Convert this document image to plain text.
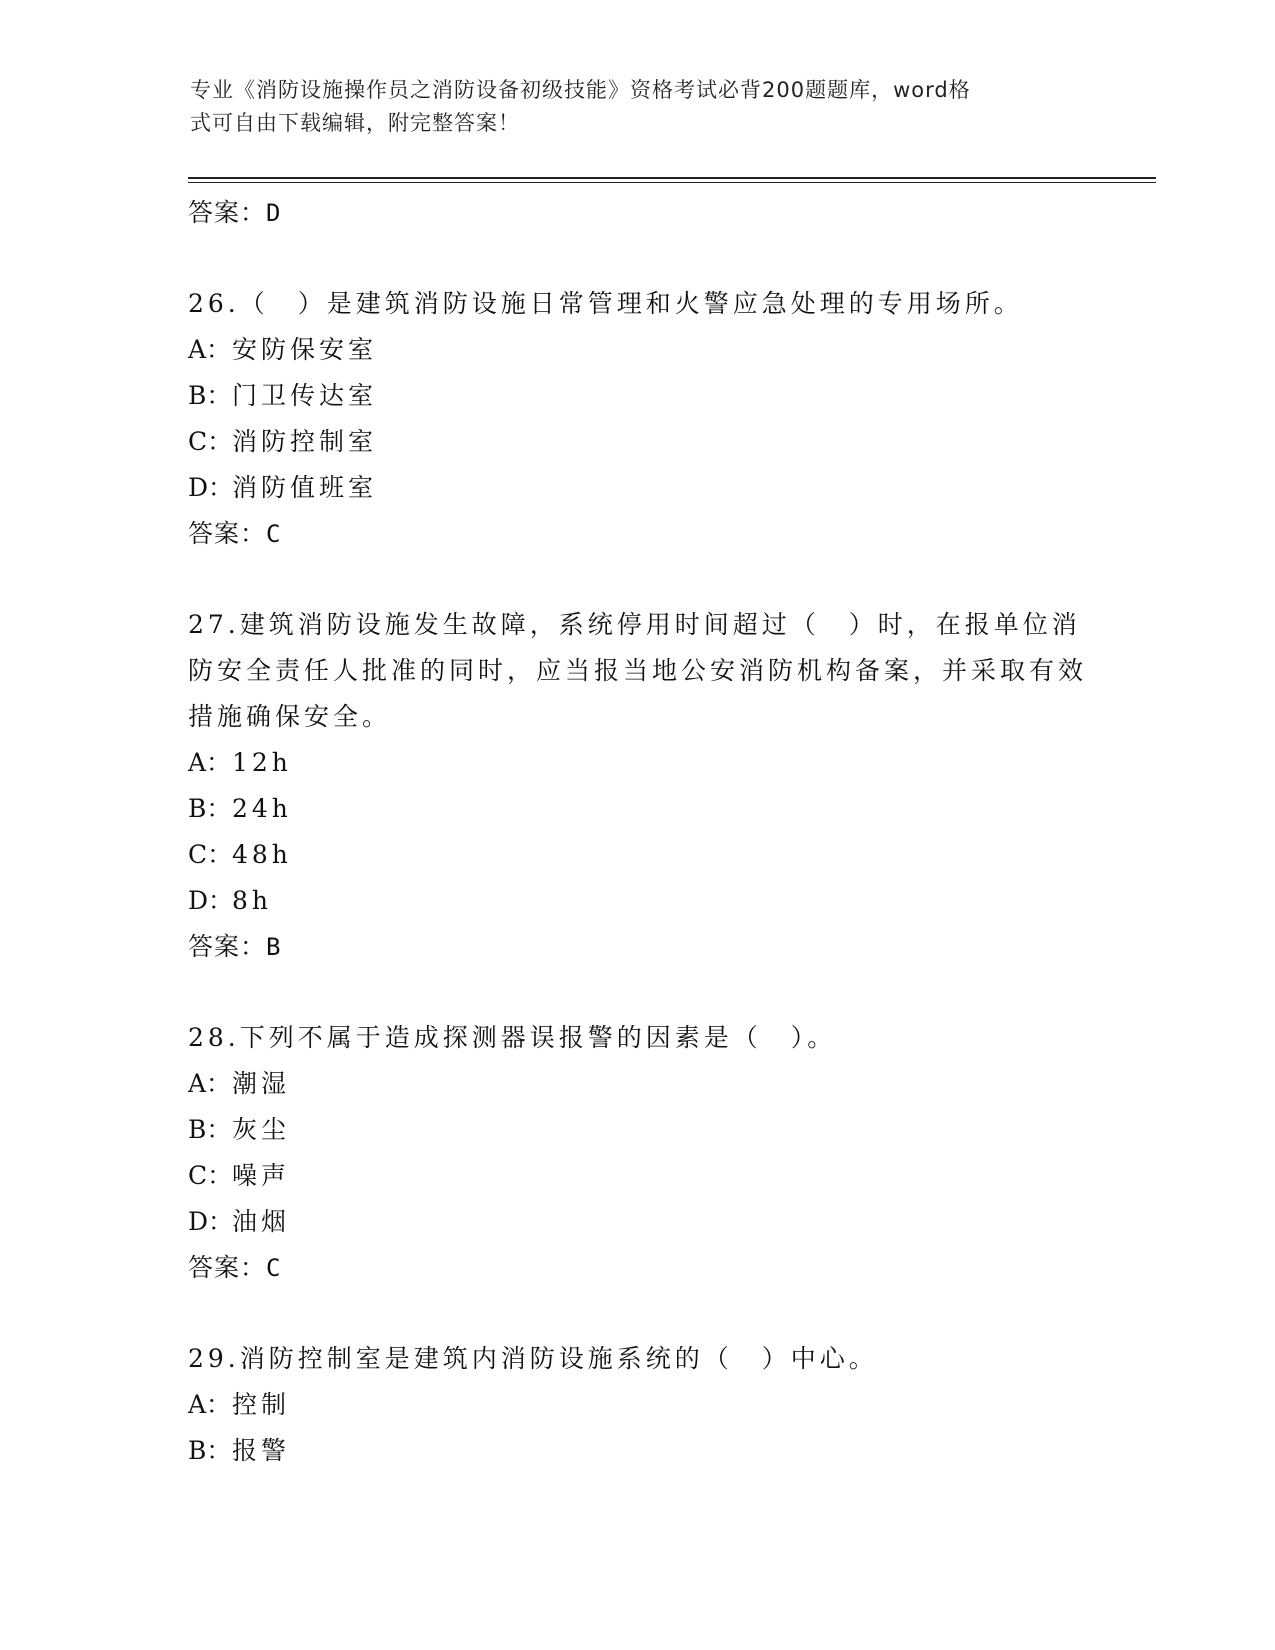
专业《消防设施操作员之消防设备初级技能》资格考试必背200题题库，word格
式可自由下载编辑，附完整答案！
答案：D
26.（　）是建筑消防设施日常管理和火警应急处理的专用场所。
A：安防保安室
B：门卫传达室
C：消防控制室
D：消防值班室
答案：C
27.建筑消防设施发生故障，系统停用时间超过（　）时，在报单位消防安全责任人批准的同时，应当报当地公安消防机构备案，并采取有效措施确保安全。
A：12h
B：24h
C：48h
D：8h
答案：B
28.下列不属于造成探测器误报警的因素是（　）。
A：潮湿
B：灰尘
C：噪声
D：油烟
答案：C
29.消防控制室是建筑内消防设施系统的（　）中心。
A：控制
B：报警
